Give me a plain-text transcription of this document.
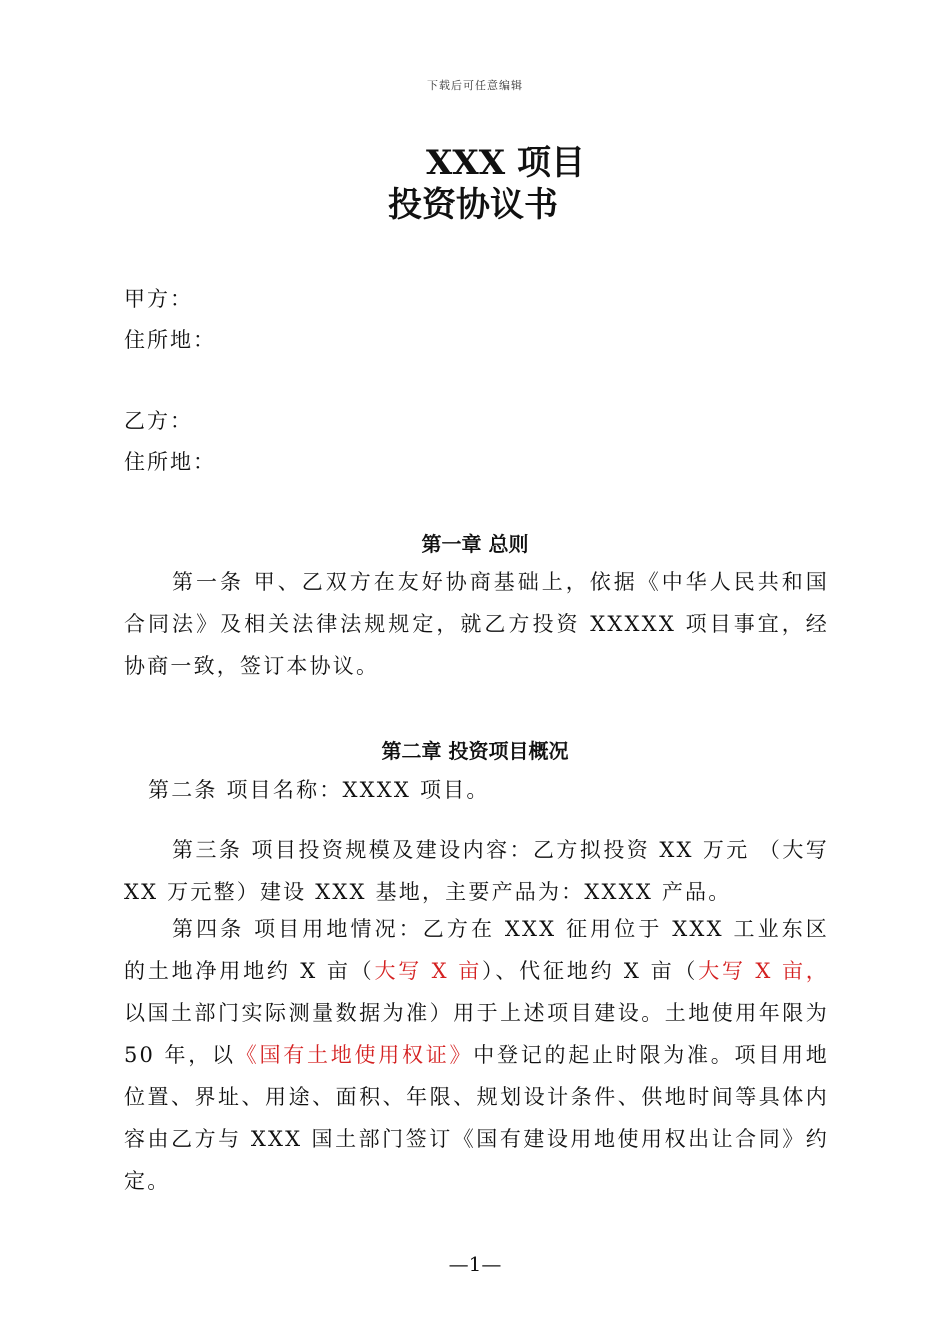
下载后可任意编辑
XXX 项目
投资协议书
甲方：
住所地：
乙方：
住所地：
第一章 总则
第一条 甲、乙双方在友好协商基础上，依据《中华人民共和国合同法》及相关法律法规规定，就乙方投资 XXXXX 项目事宜，经协商一致，签订本协议。
第二章 投资项目概况
第二条 项目名称：XXXX 项目。
第三条 项目投资规模及建设内容：乙方拟投资 XX 万元 （大写 XX 万元整）建设 XXX 基地，主要产品为：XXXX 产品。
第四条 项目用地情况：乙方在 XXX 征用位于 XXX 工业东区的土地净用地约 X 亩（大写 X 亩）、代征地约 X 亩（大写 X 亩，以国土部门实际测量数据为准）用于上述项目建设。土地使用年限为 50 年，以《国有土地使用权证》中登记的起止时限为准。项目用地位置、界址、用途、面积、年限、规划设计条件、供地时间等具体内容由乙方与 XXX 国土部门签订《国有建设用地使用权出让合同》约定。
—1—
